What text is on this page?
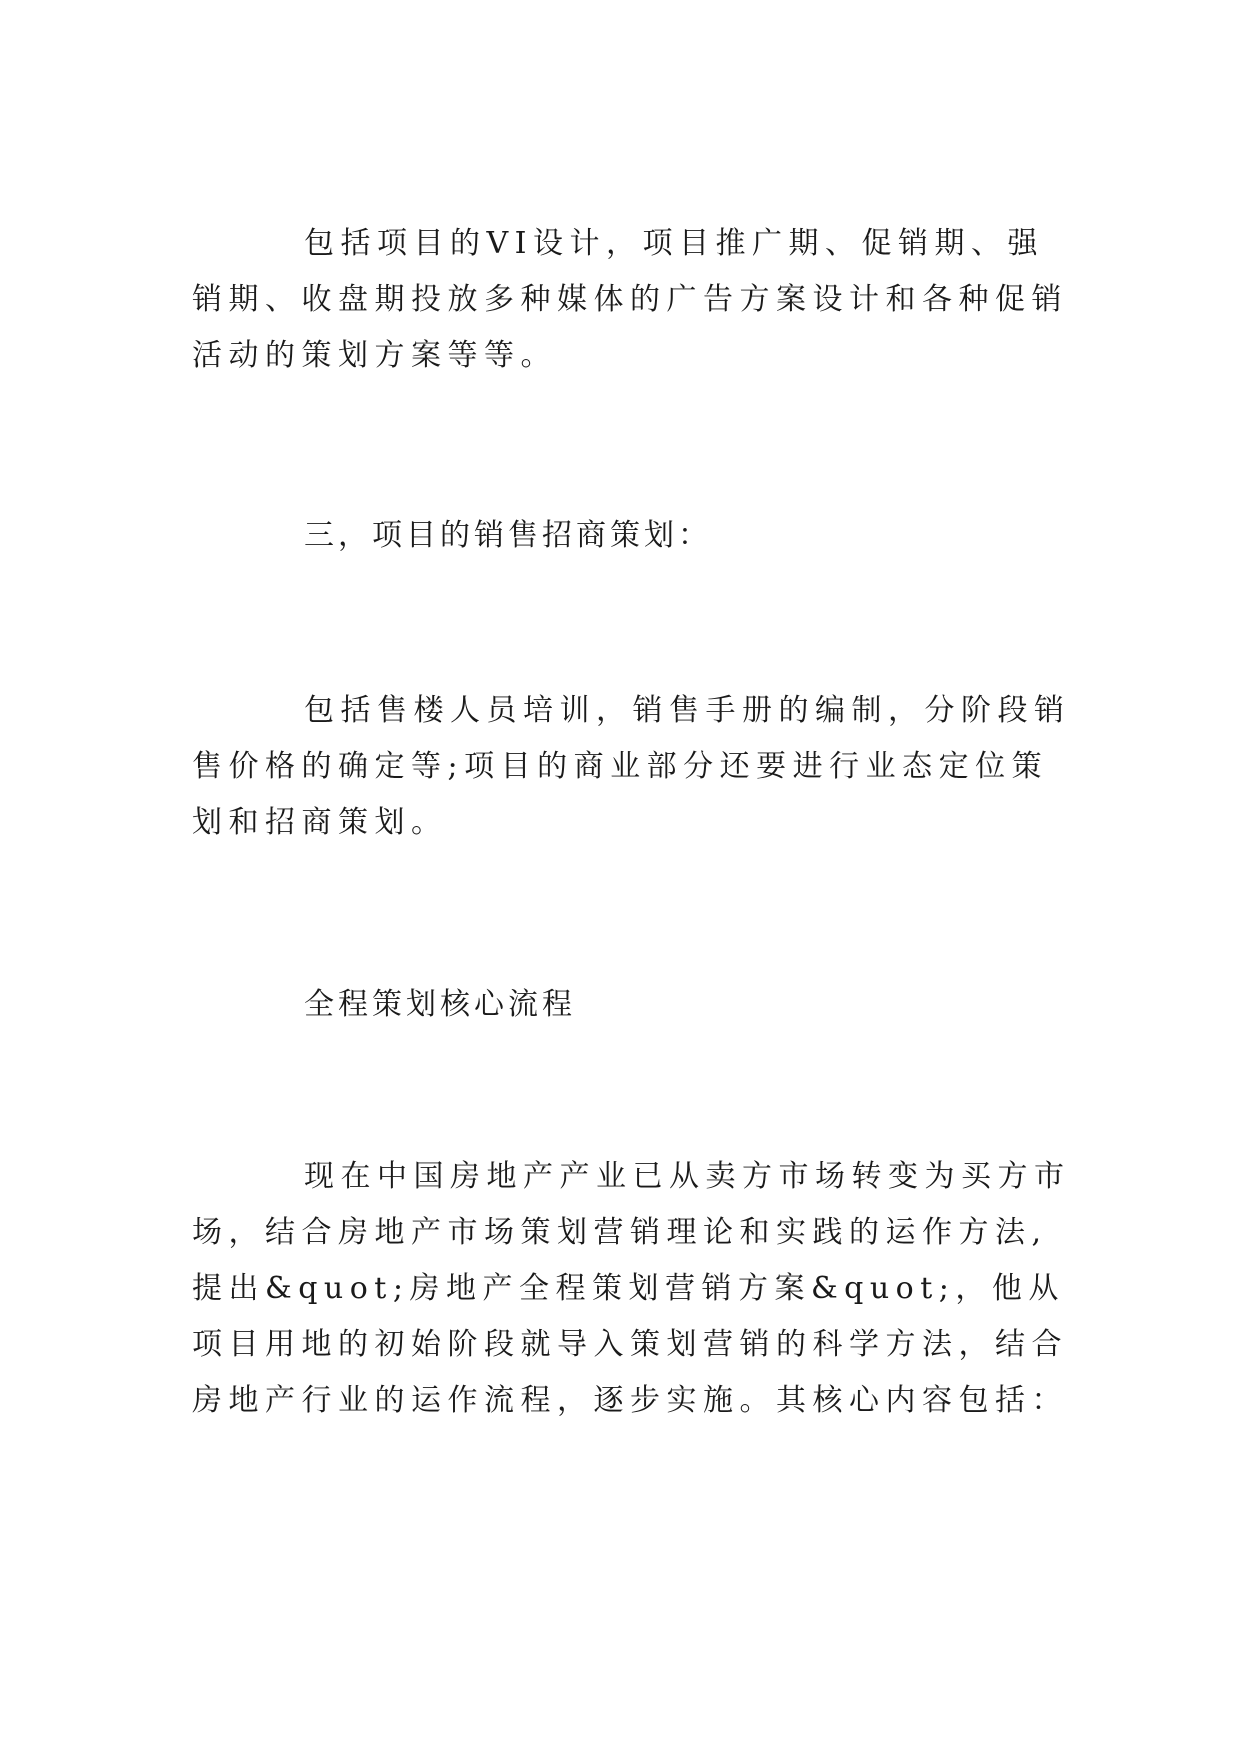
包括项目的VI设计，项目推广期、促销期、强销期、收盘期投放多种媒体的广告方案设计和各种促销活动的策划方案等等。

三，项目的销售招商策划：

包括售楼人员培训，销售手册的编制，分阶段销售价格的确定等;项目的商业部分还要进行业态定位策划和招商策划。

全程策划核心流程

现在中国房地产产业已从卖方市场转变为买方市场，结合房地产市场策划营销理论和实践的运作方法,提出&quot;房地产全程策划营销方案&quot;，他从项目用地的初始阶段就导入策划营销的科学方法，结合房地产行业的运作流程，逐步实施。其核心内容包括：
